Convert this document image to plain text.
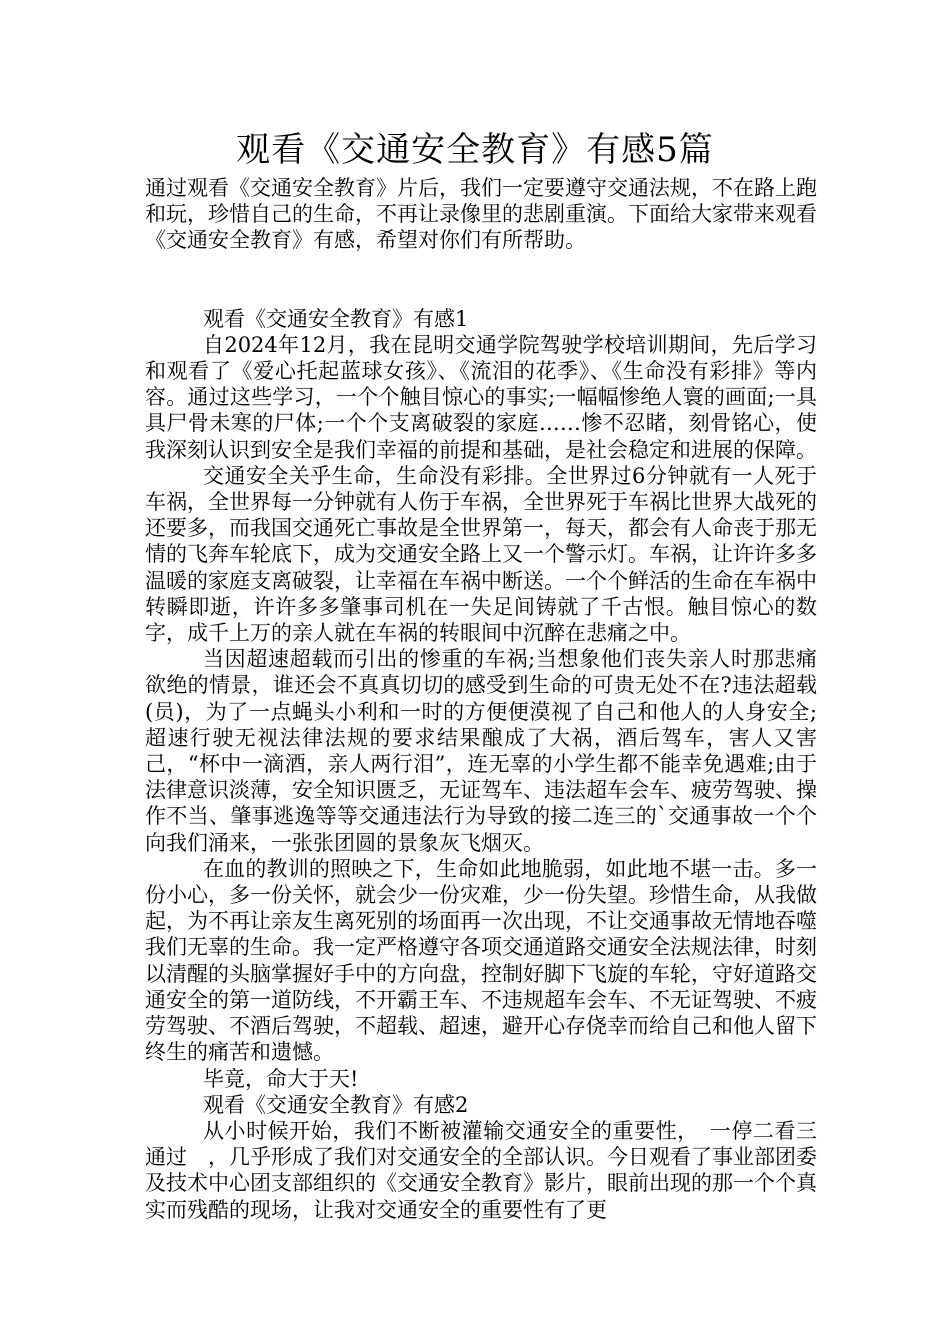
观看《交通安全教育》有感5篇

通过观看《交通安全教育》片后，我们一定要遵守交通法规，不在路上跑和玩，珍惜自己的生命，不再让录像里的悲剧重演。下面给大家带来观看《交通安全教育》有感，希望对你们有所帮助。

观看《交通安全教育》有感1

自2024年12月，我在昆明交通学院驾驶学校培训期间，先后学习和观看了《爱心托起蓝球女孩》、《流泪的花季》、《生命没有彩排》等内容。通过这些学习，一个个触目惊心的事实;一幅幅惨绝人寰的画面;一具具尸骨未寒的尸体;一个个支离破裂的家庭……惨不忍睹，刻骨铭心，使我深刻认识到安全是我们幸福的前提和基础，是社会稳定和进展的保障。

交通安全关乎生命，生命没有彩排。全世界过6分钟就有一人死于车祸，全世界每一分钟就有人伤于车祸，全世界死于车祸比世界大战死的还要多，而我国交通死亡事故是全世界第一，每天，都会有人命丧于那无情的飞奔车轮底下，成为交通安全路上又一个警示灯。车祸，让许许多多温暖的家庭支离破裂，让幸福在车祸中断送。一个个鲜活的生命在车祸中转瞬即逝，许许多多肇事司机在一失足间铸就了千古恨。触目惊心的数字，成千上万的亲人就在车祸的转眼间中沉醉在悲痛之中。

当因超速超载而引出的惨重的车祸;当想象他们丧失亲人时那悲痛欲绝的情景，谁还会不真真切切的感受到生命的可贵无处不在?违法超载(员)，为了一点蝇头小利和一时的方便便漠视了自己和他人的人身安全;超速行驶无视法律法规的要求结果酿成了大祸，酒后驾车，害人又害己，“杯中一滴酒，亲人两行泪”，连无辜的小学生都不能幸免遇难;由于法律意识淡薄，安全知识匮乏，无证驾车、违法超车会车、疲劳驾驶、操作不当、肇事逃逸等等交通违法行为导致的接二连三的`交通事故一个个向我们涌来，一张张团圆的景象灰飞烟灭。

在血的教训的照映之下，生命如此地脆弱，如此地不堪一击。多一份小心，多一份关怀，就会少一份灾难，少一份失望。珍惜生命，从我做起，为不再让亲友生离死别的场面再一次出现，不让交通事故无情地吞噬我们无辜的生命。我一定严格遵守各项交通道路交通安全法规法律，时刻以清醒的头脑掌握好手中的方向盘，控制好脚下飞旋的车轮，守好道路交通安全的第一道防线，不开霸王车、不违规超车会车、不无证驾驶、不疲劳驾驶、不酒后驾驶，不超载、超速，避开心存侥幸而给自己和他人留下终生的痛苦和遗憾。

毕竟，命大于天!

观看《交通安全教育》有感2

从小时候开始，我们不断被灌输交通安全的重要性，　一停二看三通过　，几乎形成了我们对交通安全的全部认识。今日观看了事业部团委及技术中心团支部组织的《交通安全教育》影片，眼前出现的那一个个真实而残酷的现场，让我对交通安全的重要性有了更
